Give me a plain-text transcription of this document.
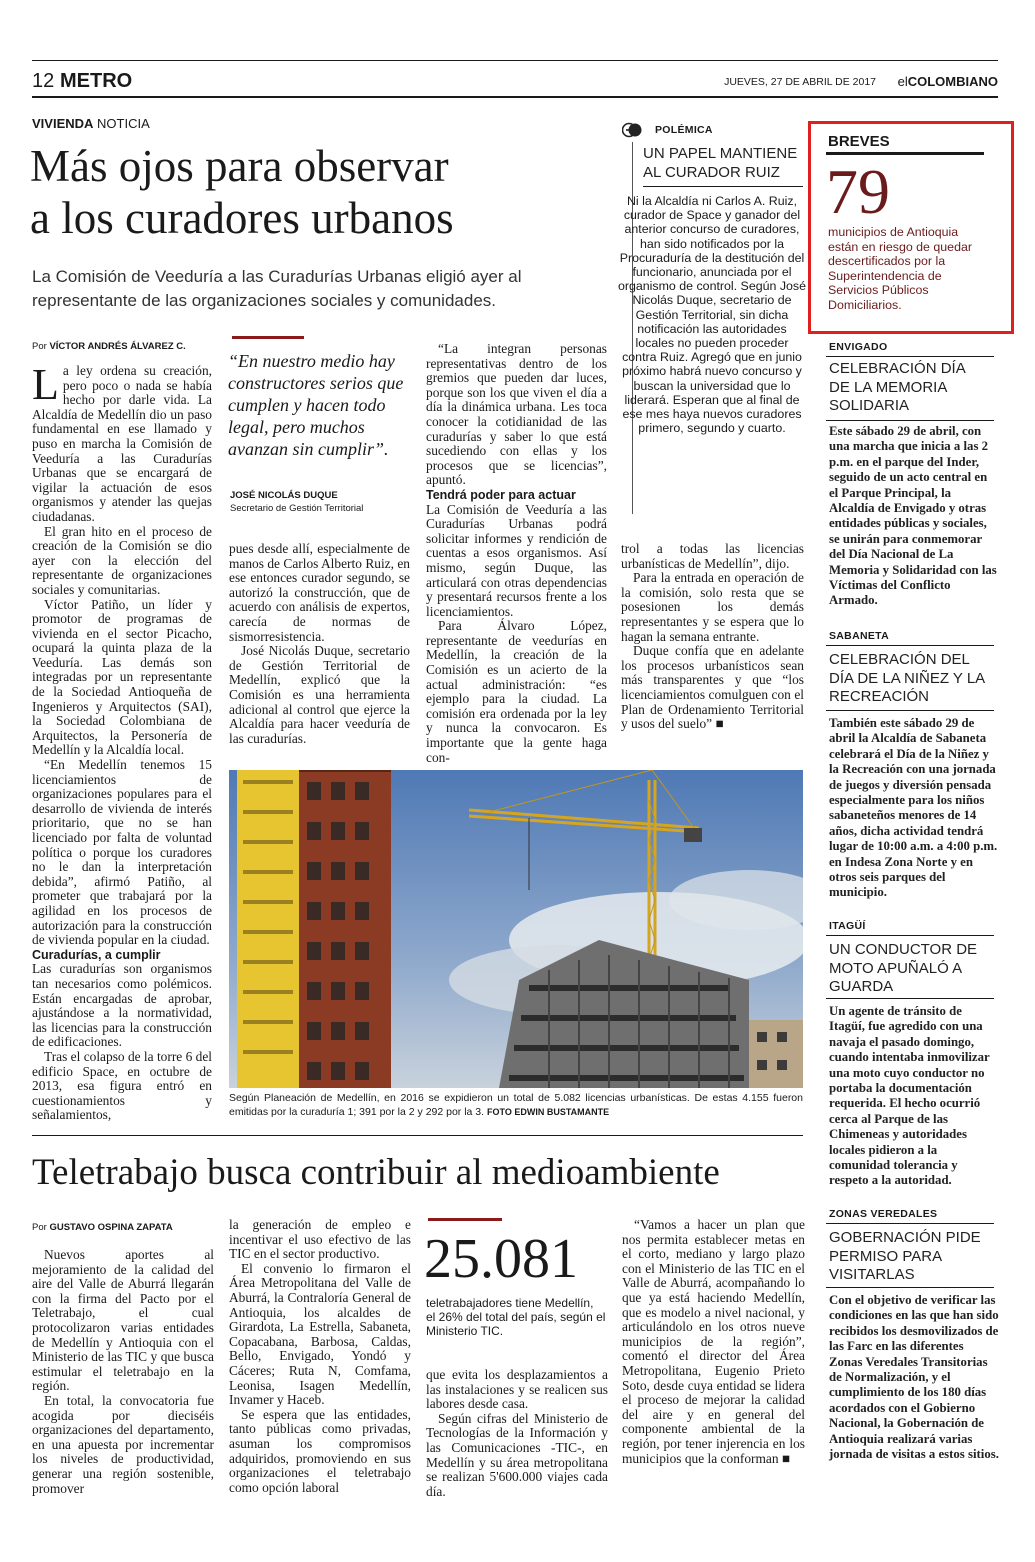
12 METRO	JUEVES, 27 DE ABRIL DE 2017 elCOLOMBIANO
VIVIENDA NOTICIA
Más ojos para observar
a los curadores urbanos
La Comisión de Veeduría a las Curadurías Urbanas eligió ayer al representante de las organizaciones sociales y comunidades.
Por VÍCTOR ANDRÉS ÁLVAREZ C.

La ley ordena su creación, pero poco o nada se había hecho por darle vida. La Alcaldía de Medellín dio un paso fundamental en ese llamado y puso en marcha la Comisión de Veeduría a las Curadurías Urbanas que se encargará de vigilar la actuación de esos organismos y atender las quejas ciudadanas.

El gran hito en el proceso de creación de la Comisión se dio ayer con la elección del representante de organizaciones sociales y comunitarias.

Víctor Patiño, un líder y promotor de programas de vivienda en el sector Picacho, ocupará la quinta plaza de la Veeduría. Las demás son integradas por un representante de la Sociedad Antioqueña de Ingenieros y Arquitectos (SAI), la Sociedad Colombiana de Arquitectos, la Personería de Medellín y la Alcaldía local.

“En Medellín tenemos 15 licenciamientos de organizaciones populares para el desarrollo de vivienda de interés prioritario, que no se han licenciado por falta de voluntad política o porque los curadores no le dan la interpretación debida”, afirmó Patiño, al prometer que trabajará por la agilidad en los procesos de autorización para la construcción de vivienda popular en la ciudad.

Curadurías, a cumplir

Las curadurías son organismos tan necesarios como polémicos. Están encargadas de aprobar, ajustándose a la normatividad, las licencias para la construcción de edificaciones.

Tras el colapso de la torre 6 del edificio Space, en octubre de 2013, esa figura entró en cuestionamientos y señalamientos,

“En nuestro medio hay constructores serios que cumplen y hacen todo legal, pero muchos avanzan sin cumplir”.
JOSÉ NICOLÁS DUQUE
Secretario de Gestión Territorial

pues desde allí, especialmente de manos de Carlos Alberto Ruiz, en ese entonces curador segundo, se autorizó la construcción, que de acuerdo con análisis de expertos, carecía de normas de sismorresistencia.

José Nicolás Duque, secretario de Gestión Territorial de Medellín, explicó que la Comisión es una herramienta adicional al control que ejerce la Alcaldía para hacer veeduría de las curadurías.

“La integran personas representativas dentro de los gremios que pueden dar luces, porque son los que viven el día a día la dinámica urbana. Les toca conocer la cotidianidad de las curadurías y saber lo que está sucediendo con ellas y los procesos que se licencias”, apuntó.

Tendrá poder para actuar

La Comisión de Veeduría a las Curadurías Urbanas podrá solicitar informes y rendición de cuentas a esos organismos. Así mismo, según Duque, las articulará con otras dependencias y presentará recursos frente a los licenciamientos.

Para Álvaro López, representante de veedurías en Medellín, la creación de la Comisión es un acierto de la actual administración: “es ejemplo para la ciudad. La comisión era ordenada por la ley y nunca la convocaron. Es importante que la gente haga con-

POLÉMICA
UN PAPEL MANTIENE AL CURADOR RUIZ
Ni la Alcaldía ni Carlos A. Ruiz, curador de Space y ganador del anterior concurso de curadores, han sido notificados por la Procuraduría de la destitución del funcionario, anunciada por el organismo de control. Según José Nicolás Duque, secretario de Gestión Territorial, sin dicha notificación las autoridades locales no pueden proceder contra Ruiz. Agregó que en junio próximo habrá nuevo concurso y buscan la universidad que lo liderará. Esperan que al final de ese mes haya nuevos curadores primero, segundo y cuarto.

trol a todas las licencias urbanísticas de Medellín”, dijo.

Para la entrada en operación de la comisión, solo resta que se posesionen los demás representantes y se espera que lo hagan la semana entrante.

Duque confía que en adelante los procesos urbanísticos sean más transparentes y que “los licenciamientos comulguen con el Plan de Ordenamiento Territorial y usos del suelo” ■

Según Planeación de Medellín, en 2016 se expidieron un total de 5.082 licencias urbanísticas. De estas 4.155 fueron emitidas por la curaduría 1; 391 por la 2 y 292 por la 3. FOTO EDWIN BUSTAMANTE
BREVES
79
municipios de Antioquia están en riesgo de quedar descertificados por la Superintendencia de Servicios Públicos Domiciliarios.
ENVIGADO
CELEBRACIÓN DÍA DE LA MEMORIA SOLIDARIA
Este sábado 29 de abril, con una marcha que inicia a las 2 p.m. en el parque del Inder, seguido de un acto central en el Parque Principal, la Alcaldía de Envigado y otras entidades públicas y sociales, se unirán para conmemorar del Día Nacional de La Memoria y Solidaridad con las Víctimas del Conflicto Armado.
SABANETA
CELEBRACIÓN DEL DÍA DE LA NIÑEZ Y LA RECREACIÓN
También este sábado 29 de abril la Alcaldía de Sabaneta celebrará el Día de la Niñez y la Recreación con una jornada de juegos y diversión pensada especialmente para los niños sabaneteños menores de 14 años, dicha actividad tendrá lugar de 10:00 a.m. a 4:00 p.m. en Indesa Zona Norte y en otros seis parques del municipio.
ITAGÜÍ
UN CONDUCTOR DE MOTO APUÑALÓ A GUARDA
Un agente de tránsito de Itagüí, fue agredido con una navaja el pasado domingo, cuando intentaba inmovilizar una moto cuyo conductor no portaba la documentación requerida. El hecho ocurrió cerca al Parque de las Chimeneas y autoridades locales pidieron a la comunidad tolerancia y respeto a la autoridad.
ZONAS VEREDALES
GOBERNACIÓN PIDE PERMISO PARA VISITARLAS
Con el objetivo de verificar las condiciones en las que han sido recibidos los desmovilizados de las Farc en las diferentes Zonas Veredales Transitorias de Normalización, y el cumplimiento de los 180 días acordados con el Gobierno Nacional, la Gobernación de Antioquia realizará varias jornada de visitas a estos sitios.
Teletrabajo busca contribuir al medioambiente
Por GUSTAVO OSPINA ZAPATA

Nuevos aportes al mejoramiento de la calidad del aire del Valle de Aburrá llegarán con la firma del Pacto por el Teletrabajo, el cual protocolizaron varias entidades de Medellín y Antioquia con el Ministerio de las TIC y que busca estimular el teletrabajo en la región.

En total, la convocatoria fue acogida por dieciséis organizaciones del departamento, en una apuesta por incrementar los niveles de productividad, generar una región sostenible, promover

la generación de empleo e incentivar el uso efectivo de las TIC en el sector productivo.

El convenio lo firmaron el Área Metropolitana del Valle de Aburrá, la Contraloría General de Antioquia, los alcaldes de Girardota, La Estrella, Sabaneta, Copacabana, Barbosa, Caldas, Bello, Envigado, Yondó y Cáceres; Ruta N, Comfama, Leonisa, Isagen Medellín, Invamer y Haceb.

Se espera que las entidades, tanto públicas como privadas, asuman los compromisos adquiridos, promoviendo en sus organizaciones el teletrabajo como opción laboral

25.081
teletrabajadores tiene Medellín, el 26% del total del país, según el Ministerio TIC.

que evita los desplazamientos a las instalaciones y se realicen sus labores desde casa.

Según cifras del Ministerio de Tecnologías de la Información y las Comunicaciones -TIC-, en Medellín y su área metropolitana se realizan 5'600.000 viajes cada día.

“Vamos a hacer un plan que nos permita establecer metas en el corto, mediano y largo plazo con el Ministerio de las TIC en el Valle de Aburrá, acompañando lo que ya está haciendo Medellín, que es modelo a nivel nacional, y articulándolo en los otros nueve municipios de la región”, comentó el director del Área Metropolitana, Eugenio Prieto Soto, desde cuya entidad se lidera el proceso de mejorar la calidad del aire y en general del componente ambiental de la región, por tener injerencia en los municipios que la conforman ■
